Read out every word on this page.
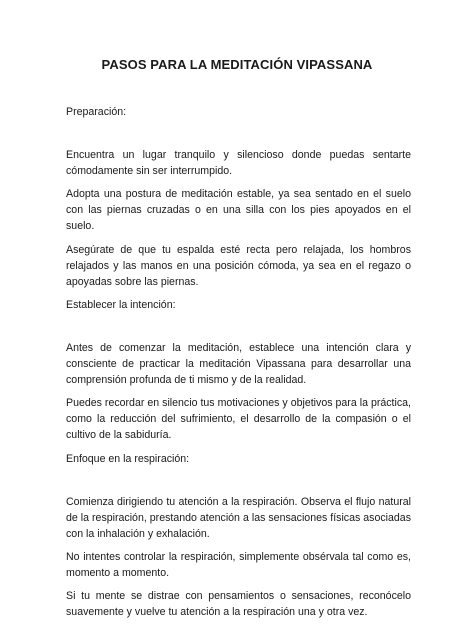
PASOS PARA LA MEDITACIÓN VIPASSANA

Preparación:

Encuentra un lugar tranquilo y silencioso donde puedas sentarte cómodamente sin ser interrumpido.

Adopta una postura de meditación estable, ya sea sentado en el suelo con las piernas cruzadas o en una silla con los pies apoyados en el suelo.

Asegúrate de que tu espalda esté recta pero relajada, los hombros relajados y las manos en una posición cómoda, ya sea en el regazo o apoyadas sobre las piernas.

Establecer la intención:

Antes de comenzar la meditación, establece una intención clara y consciente de practicar la meditación Vipassana para desarrollar una comprensión profunda de ti mismo y de la realidad.

Puedes recordar en silencio tus motivaciones y objetivos para la práctica, como la reducción del sufrimiento, el desarrollo de la compasión o el cultivo de la sabiduría.

Enfoque en la respiración:

Comienza dirigiendo tu atención a la respiración. Observa el flujo natural de la respiración, prestando atención a las sensaciones físicas asociadas con la inhalación y exhalación.

No intentes controlar la respiración, simplemente obsérvala tal como es, momento a momento.

Si tu mente se distrae con pensamientos o sensaciones, reconócelo suavemente y vuelve tu atención a la respiración una y otra vez.
